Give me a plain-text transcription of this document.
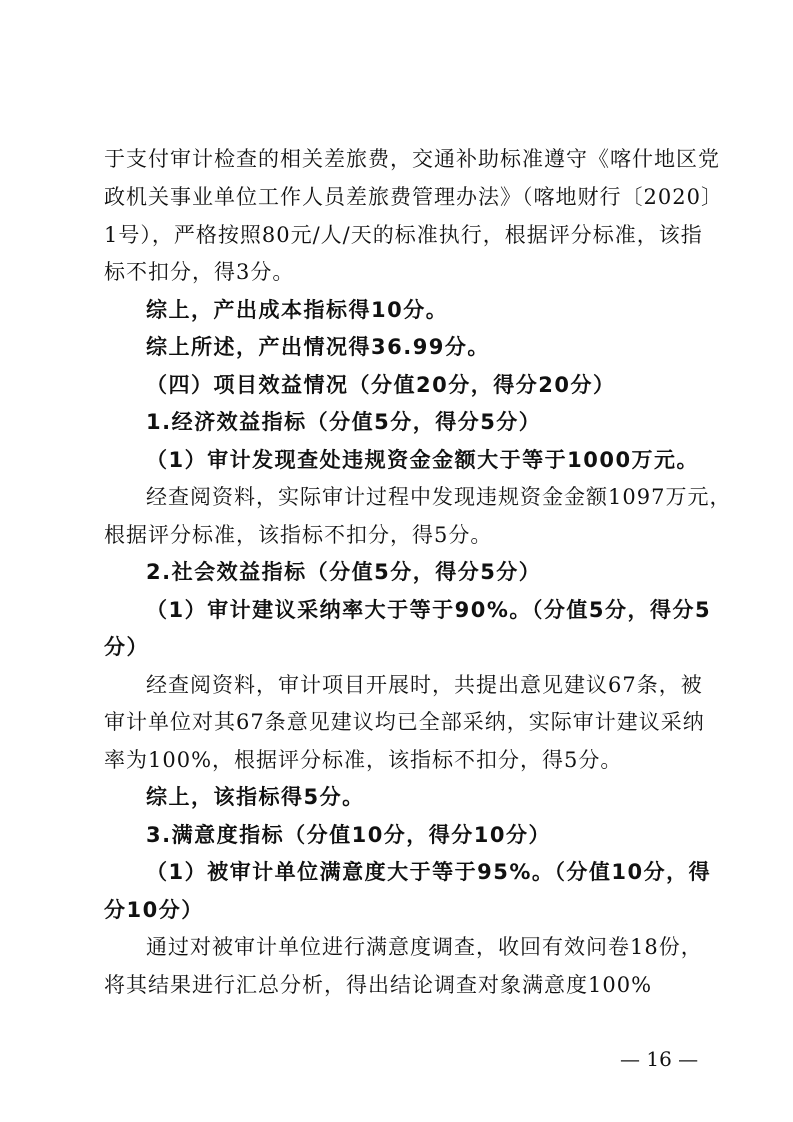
于支付审计检查的相关差旅费，交通补助标准遵守《喀什地区党
政机关事业单位工作人员差旅费管理办法》（喀地财行〔2020〕
1号），严格按照80元/人/天的标准执行，根据评分标准，该指
标不扣分，得3分。
综上，产出成本指标得10分。
综上所述，产出情况得36.99分。
（四）项目效益情况（分值20分，得分20分）
1.经济效益指标（分值5分，得分5分）
（1）审计发现查处违规资金金额大于等于1000万元。
经查阅资料，实际审计过程中发现违规资金金额1097万元，
根据评分标准，该指标不扣分，得5分。
2.社会效益指标（分值5分，得分5分）
（1）审计建议采纳率大于等于90%。（分值5分，得分5
分）
经查阅资料，审计项目开展时，共提出意见建议67条，被
审计单位对其67条意见建议均已全部采纳，实际审计建议采纳
率为100%，根据评分标准，该指标不扣分，得5分。
综上，该指标得5分。
3.满意度指标（分值10分，得分10分）
（1）被审计单位满意度大于等于95%。（分值10分，得
分10分）
通过对被审计单位进行满意度调查，收回有效问卷18份，
将其结果进行汇总分析，得出结论调查对象满意度100%
— 16 —
